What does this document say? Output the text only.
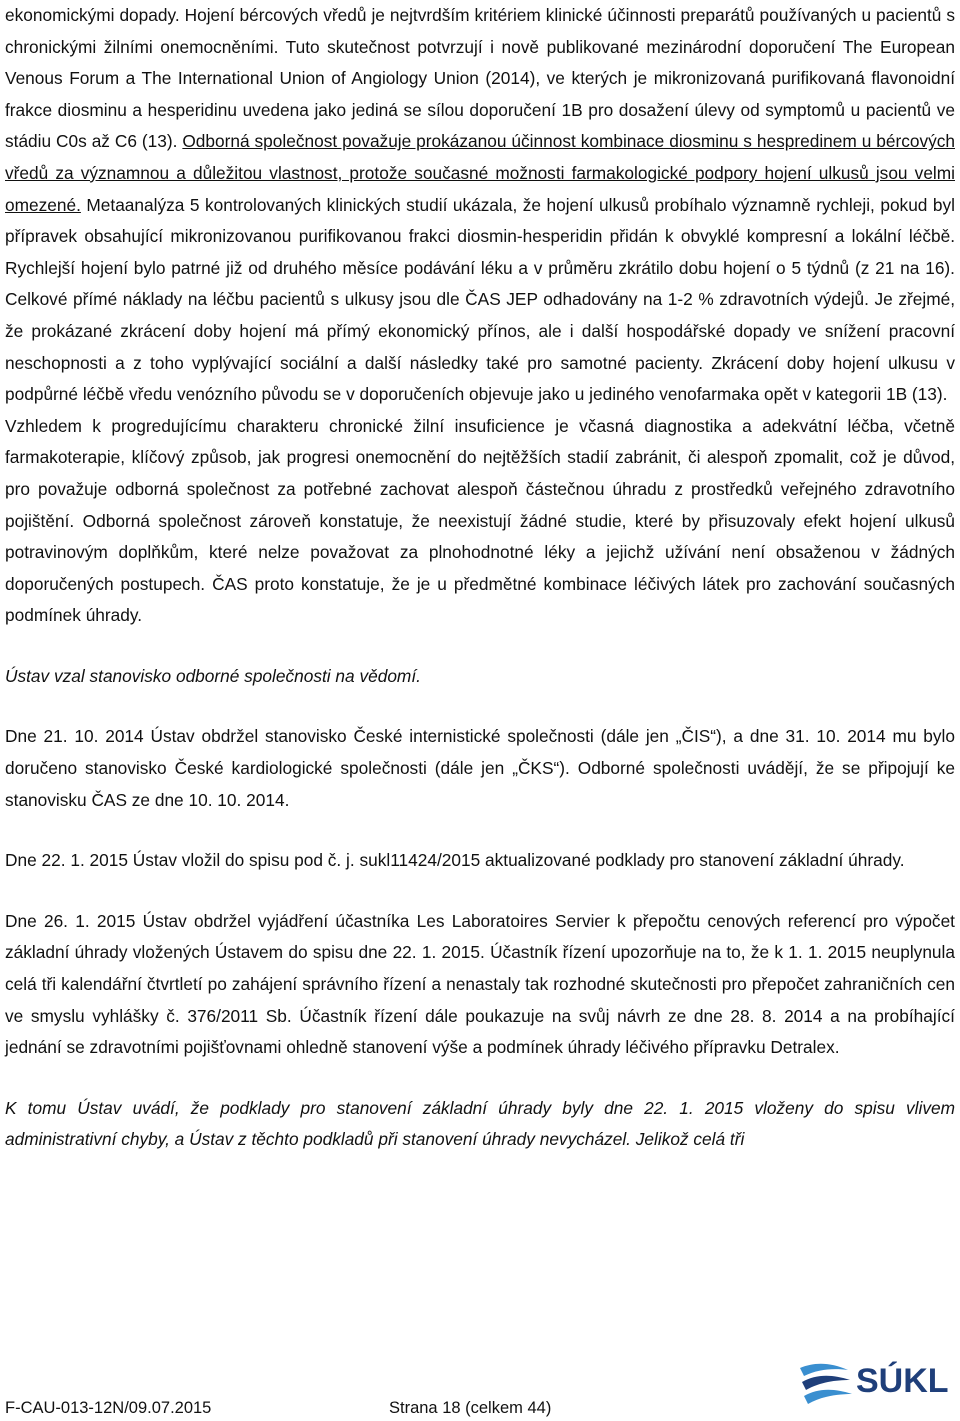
ekonomickými dopady. Hojení bércových vředů je nejtvrdším kritériem klinické účinnosti preparátů používaných u pacientů s chronickými žilními onemocněními. Tuto skutečnost potvrzují i nově publikované mezinárodní doporučení The European Venous Forum a The International Union of Angiology Union (2014), ve kterých je mikronizovaná purifikovaná flavonoidní frakce diosminu a hesperidinu uvedena jako jediná se sílou doporučení 1B pro dosažení úlevy od symptomů u pacientů ve stádiu C0s až C6 (13). Odborná společnost považuje prokázanou účinnost kombinace diosminu s hespredinem u bércových vředů za významnou a důležitou vlastnost, protože současné možnosti farmakologické podpory hojení ulkusů jsou velmi omezené. Metaanalýza 5 kontrolovaných klinických studií ukázala, že hojení ulkusů probíhalo významně rychleji, pokud byl přípravek obsahující mikronizovanou purifikovanou frakci diosmin-hesperidin přidán k obvyklé kompresní a lokální léčbě. Rychlejší hojení bylo patrné již od druhého měsíce podávání léku a v průměru zkrátilo dobu hojení o 5 týdnů (z 21 na 16). Celkové přímé náklady na léčbu pacientů s ulkusy jsou dle ČAS JEP odhadovány na 1-2 % zdravotních výdejů. Je zřejmé, že prokázané zkrácení doby hojení má přímý ekonomický přínos, ale i další hospodářské dopady ve snížení pracovní neschopnosti a z toho vyplývající sociální a další následky také pro samotné pacienty. Zkrácení doby hojení ulkusu v podpůrné léčbě vředu venózního původu se v doporučeních objevuje jako u jediného venofarmaka opět v kategorii 1B (13).

Vzhledem k progredujícímu charakteru chronické žilní insuficience je včasná diagnostika a adekvátní léčba, včetně farmakoterapie, klíčový způsob, jak progresi onemocnění do nejtěžších stadií zabránit, či alespoň zpomalit, což je důvod, pro považuje odborná společnost za potřebné zachovat alespoň částečnou úhradu z prostředků veřejného zdravotního pojištění. Odborná společnost zároveň konstatuje, že neexistují žádné studie, které by přisuzovaly efekt hojení ulkusů potravinovým doplňkům, které nelze považovat za plnohodnotné léky a jejichž užívání není obsaženou v žádných doporučených postupech. ČAS proto konstatuje, že je u předmětné kombinace léčivých látek pro zachování současných podmínek úhrady.

Ústav vzal stanovisko odborné společnosti na vědomí.

Dne 21. 10. 2014 Ústav obdržel stanovisko České internistické společnosti (dále jen „ČIS“), a dne 31. 10. 2014 mu bylo doručeno stanovisko České kardiologické společnosti (dále jen „ČKS“). Odborné společnosti uvádějí, že se připojují ke stanovisku ČAS ze dne 10. 10. 2014.

Dne 22. 1. 2015 Ústav vložil do spisu pod č. j. sukl11424/2015 aktualizované podklady pro stanovení základní úhrady.

Dne 26. 1. 2015 Ústav obdržel vyjádření účastníka Les Laboratoires Servier k přepočtu cenových referencí pro výpočet základní úhrady vložených Ústavem do spisu dne 22. 1. 2015. Účastník řízení upozorňuje na to, že k 1. 1. 2015 neuplynula celá tři kalendářní čtvrtletí po zahájení správního řízení a nenastaly tak rozhodné skutečnosti pro přepočet zahraničních cen ve smyslu vyhlášky č. 376/2011 Sb. Účastník řízení dále poukazuje na svůj návrh ze dne 28. 8. 2014 a na probíhající jednání se zdravotními pojišťovnami ohledně stanovení výše a podmínek úhrady léčivého přípravku Detralex.

K tomu Ústav uvádí, že podklady pro stanovení základní úhrady byly dne 22. 1. 2015 vloženy do spisu vlivem administrativní chyby, a Ústav z těchto podkladů při stanovení úhrady nevycházel. Jelikož celá tři

SÚKL
F-CAU-013-12N/09.07.2015	Strana 18 (celkem 44)
